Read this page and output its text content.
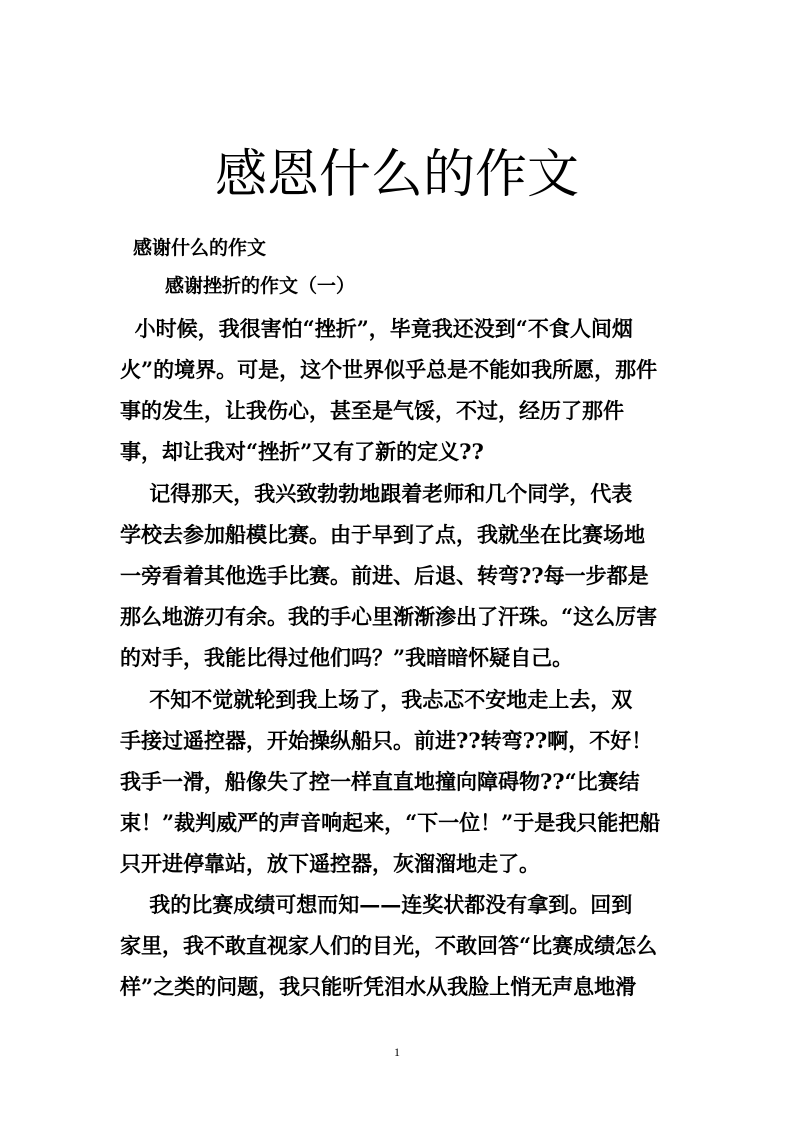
感恩什么的作文
感谢什么的作文
感谢挫折的作文（一）
小时候，我很害怕“挫折”，毕竟我还没到“不食人间烟
火”的境界。可是，这个世界似乎总是不能如我所愿，那件
事的发生，让我伤心，甚至是气馁，不过，经历了那件
事，却让我对“挫折”又有了新的定义??
记得那天，我兴致勃勃地跟着老师和几个同学，代表
学校去参加船模比赛。由于早到了点，我就坐在比赛场地
一旁看着其他选手比赛。前进、后退、转弯??每一步都是
那么地游刃有余。我的手心里渐渐渗出了汗珠。“这么厉害
的对手，我能比得过他们吗？”我暗暗怀疑自己。
不知不觉就轮到我上场了，我忐忑不安地走上去，双
手接过遥控器，开始操纵船只。前进??转弯??啊，不好！
我手一滑，船像失了控一样直直地撞向障碍物??“比赛结
束！”裁判威严的声音响起来，“下一位！”于是我只能把船
只开进停靠站，放下遥控器，灰溜溜地走了。
我的比赛成绩可想而知——连奖状都没有拿到。回到
家里，我不敢直视家人们的目光，不敢回答“比赛成绩怎么
样”之类的问题，我只能听凭泪水从我脸上悄无声息地滑
1
